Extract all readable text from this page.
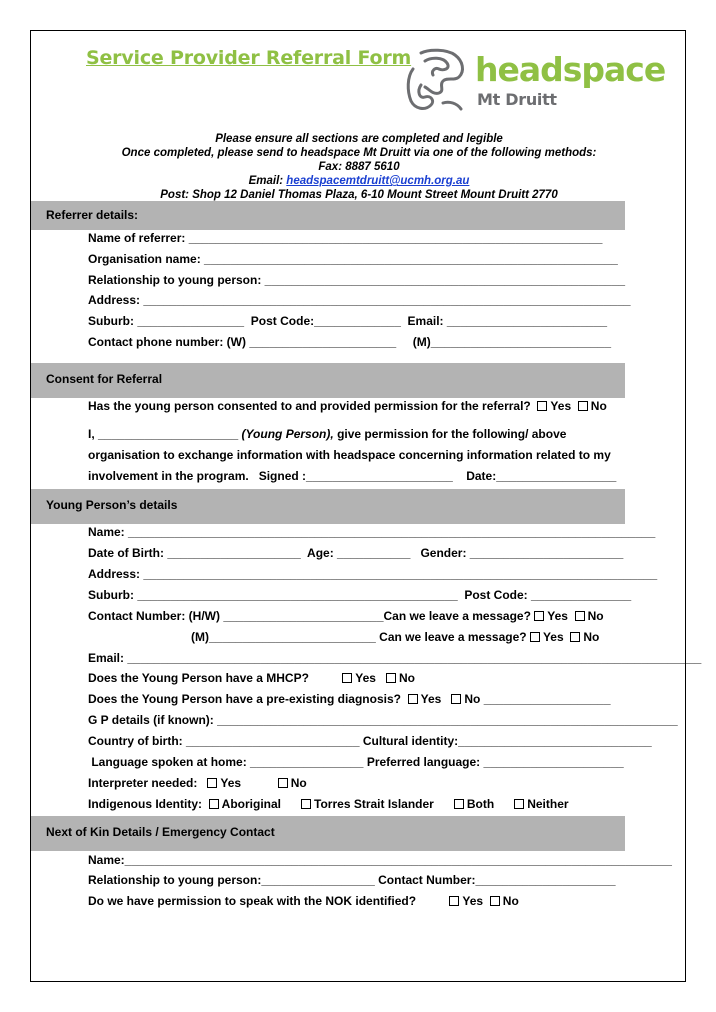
Service Provider Referral Form headspace
Mt Druitt
Please ensure all sections are completed and legible
Once completed, please send to headspace Mt Druitt via one of the following methods:
Fax: 8887 5610
Email: headspacemtdruitt@ucmh.org.au
Post: Shop 12 Daniel Thomas Plaza, 6-10 Mount Street Mount Druitt 2770
Referrer details:
Name of referrer: ______________________________________________________________
Organisation name: ______________________________________________________________
Relationship to young person: ______________________________________________________
Address: _________________________________________________________________________
Suburb: ________________  Post Code:_____________  Email: ________________________
Contact phone number: (W) ______________________     (M)___________________________
Consent for Referral
Has the young person consented to and provided permission for the referral? Yes No
I, _____________________ (Young Person), give permission for the following/ above
organisation to exchange information with headspace concerning information related to my
involvement in the program.   Signed :______________________    Date:__________________
Young Person’s details
Name: _______________________________________________________________________________
Date of Birth: ____________________  Age: ___________   Gender: _______________________
Address: _____________________________________________________________________________
Suburb: ________________________________________________  Post Code: _______________
Contact Number: (H/W) ________________________Can we leave a message? Yes No
(M)_________________________ Can we leave a message? Yes No
Email: ______________________________________________________________________________________
Does the Young Person have a MHCP?	Yes No
Does the Young Person have a pre-existing diagnosis? Yes No ___________________
G P details (if known): _____________________________________________________________________
Country of birth: __________________________ Cultural identity:_____________________________
Language spoken at home: _________________ Preferred language: _____________________
Interpreter needed: Yes	No
Indigenous Identity: Aboriginal	Torres Strait Islander	Both	Neither
Next of Kin Details / Emergency Contact
Name:__________________________________________________________________________________
Relationship to young person:_________________ Contact Number:_____________________
Do we have permission to speak with the NOK identified?	Yes No
